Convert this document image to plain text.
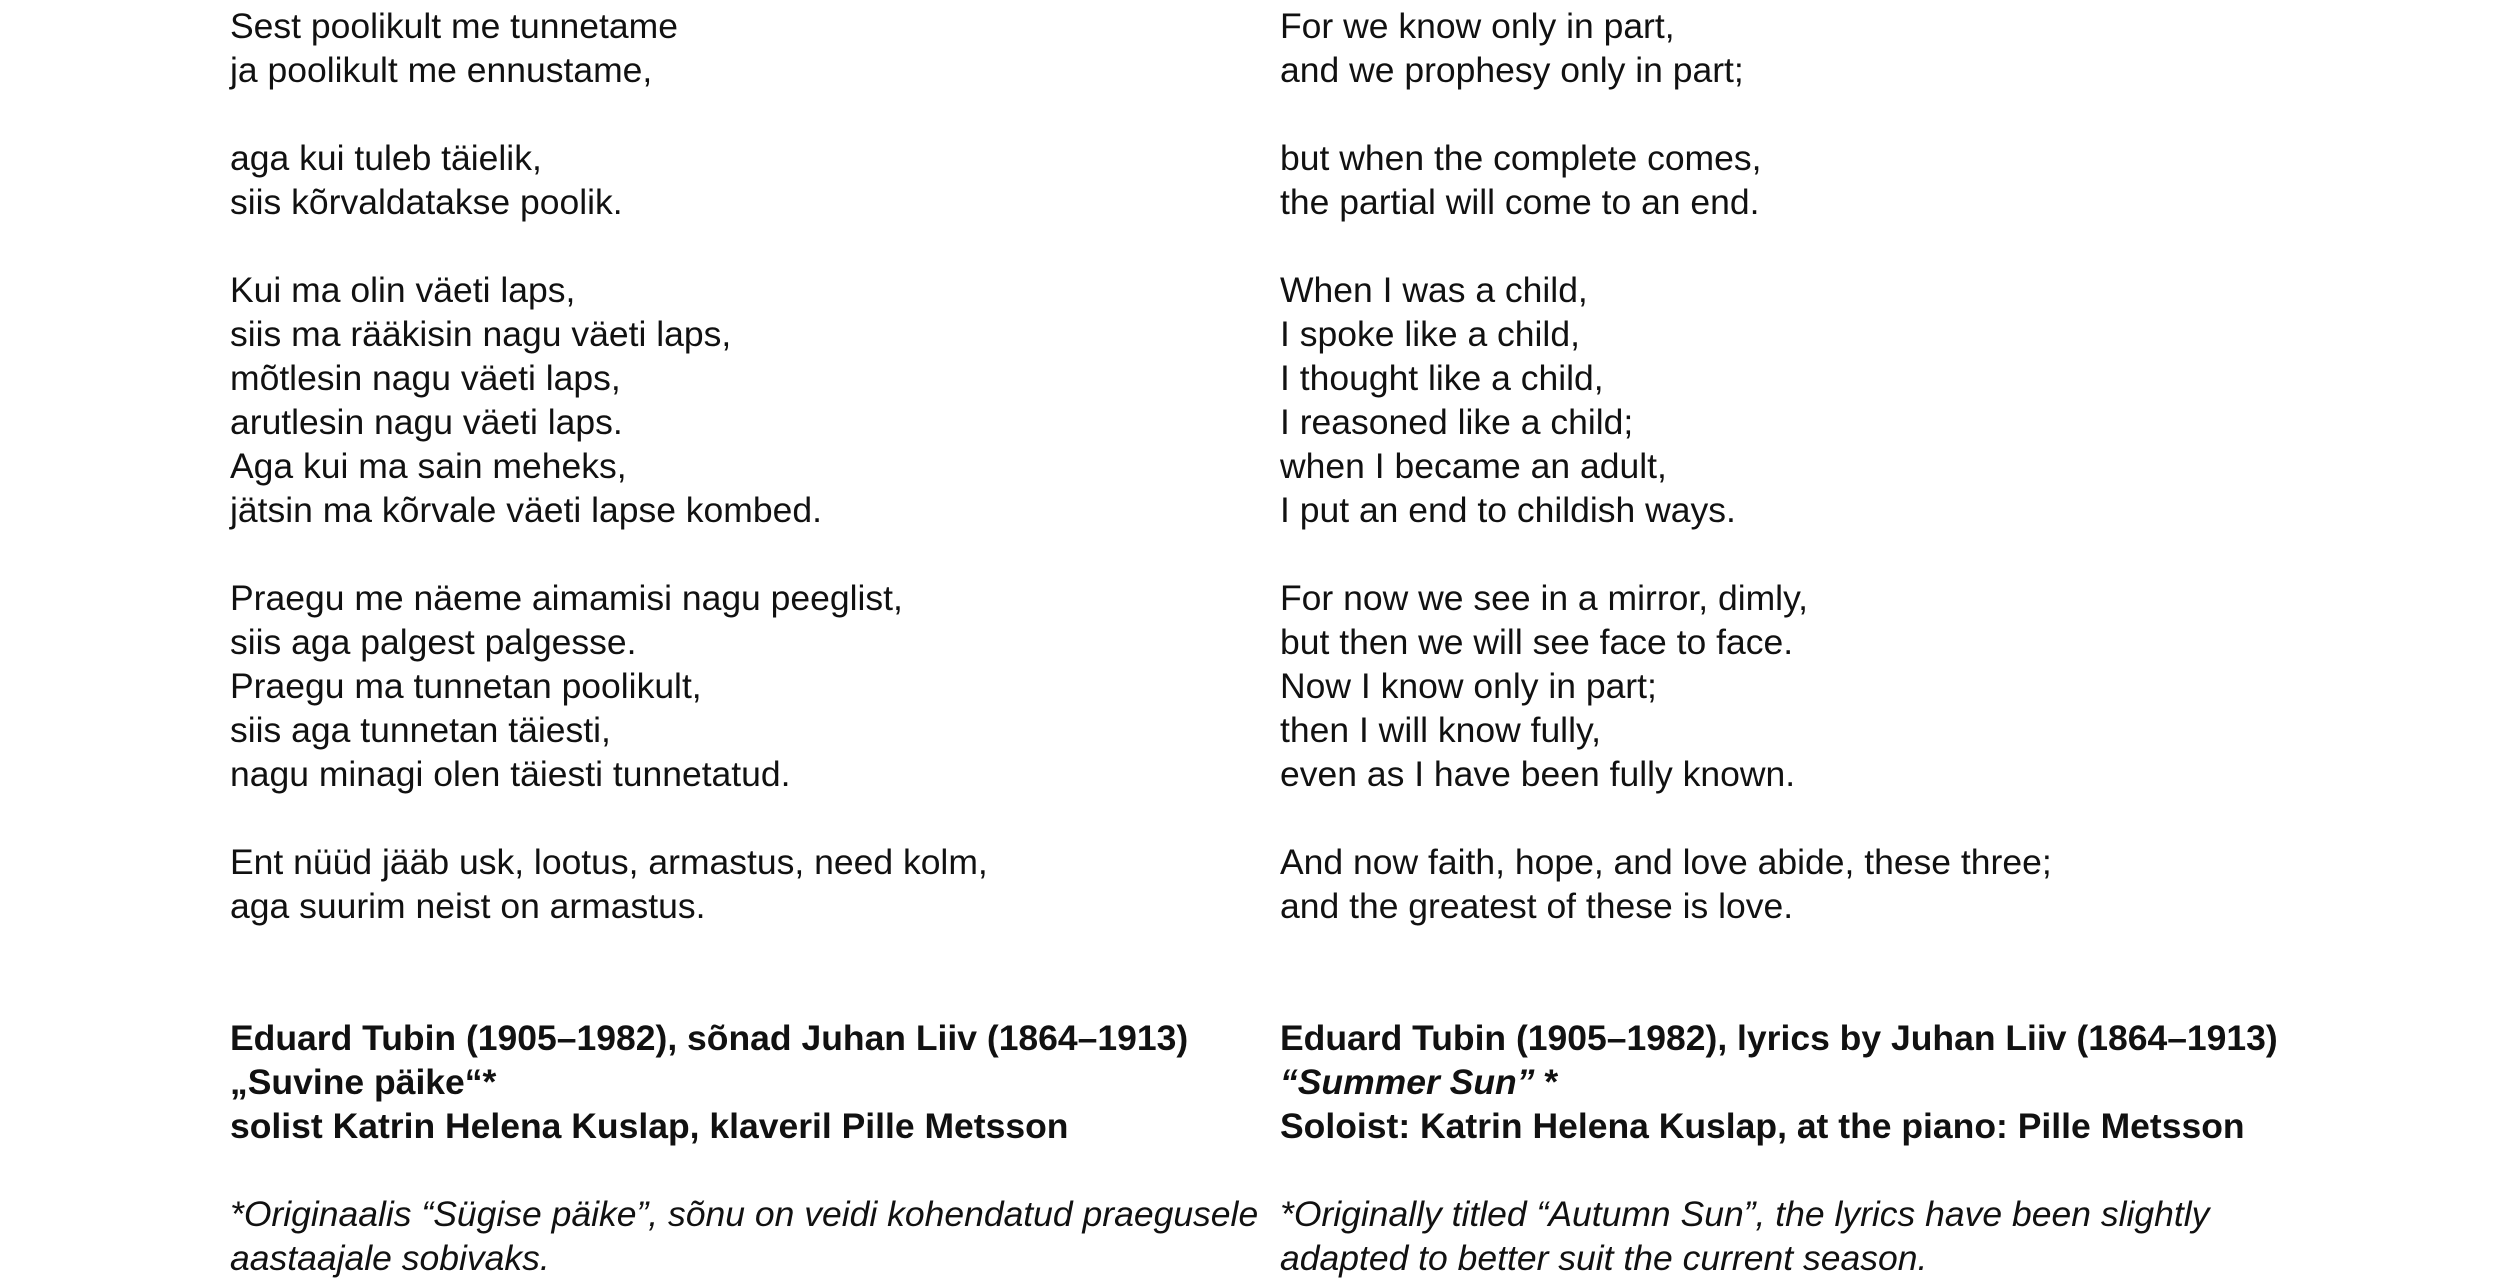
Sest poolikult me tunnetame
ja poolikult me ennustame,
aga kui tuleb täielik,
siis kõrvaldatakse poolik.
Kui ma olin väeti laps,
siis ma rääkisin nagu väeti laps,
mõtlesin nagu väeti laps,
arutlesin nagu väeti laps.
Aga kui ma sain meheks,
jätsin ma kõrvale väeti lapse kombed.
Praegu me näeme aimamisi nagu peeglist,
siis aga palgest palgesse.
Praegu ma tunnetan poolikult,
siis aga tunnetan täiesti,
nagu minagi olen täiesti tunnetatud.
Ent nüüd jääb usk, lootus, armastus, need kolm,
aga suurim neist on armastus.
Eduard Tubin (1905–1982), sõnad Juhan Liiv (1864–1913)
„Suvine päike“*
solist Katrin Helena Kuslap, klaveril Pille Metsson
*Originaalis “Sügise päike”, sõnu on veidi kohendatud praegusele
aastaajale sobivaks.
For we know only in part,
and we prophesy only in part;
but when the complete comes,
the partial will come to an end.
When I was a child,
I spoke like a child,
I thought like a child,
I reasoned like a child;
when I became an adult,
I put an end to childish ways.
For now we see in a mirror, dimly,
but then we will see face to face.
Now I know only in part;
then I will know fully,
even as I have been fully known.
And now faith, hope, and love abide, these three;
and the greatest of these is love.
Eduard Tubin (1905–1982), lyrics by Juhan Liiv (1864–1913)
“Summer Sun” *
Soloist: Katrin Helena Kuslap, at the piano: Pille Metsson
*Originally titled “Autumn Sun”, the lyrics have been slightly
adapted to better suit the current season.
